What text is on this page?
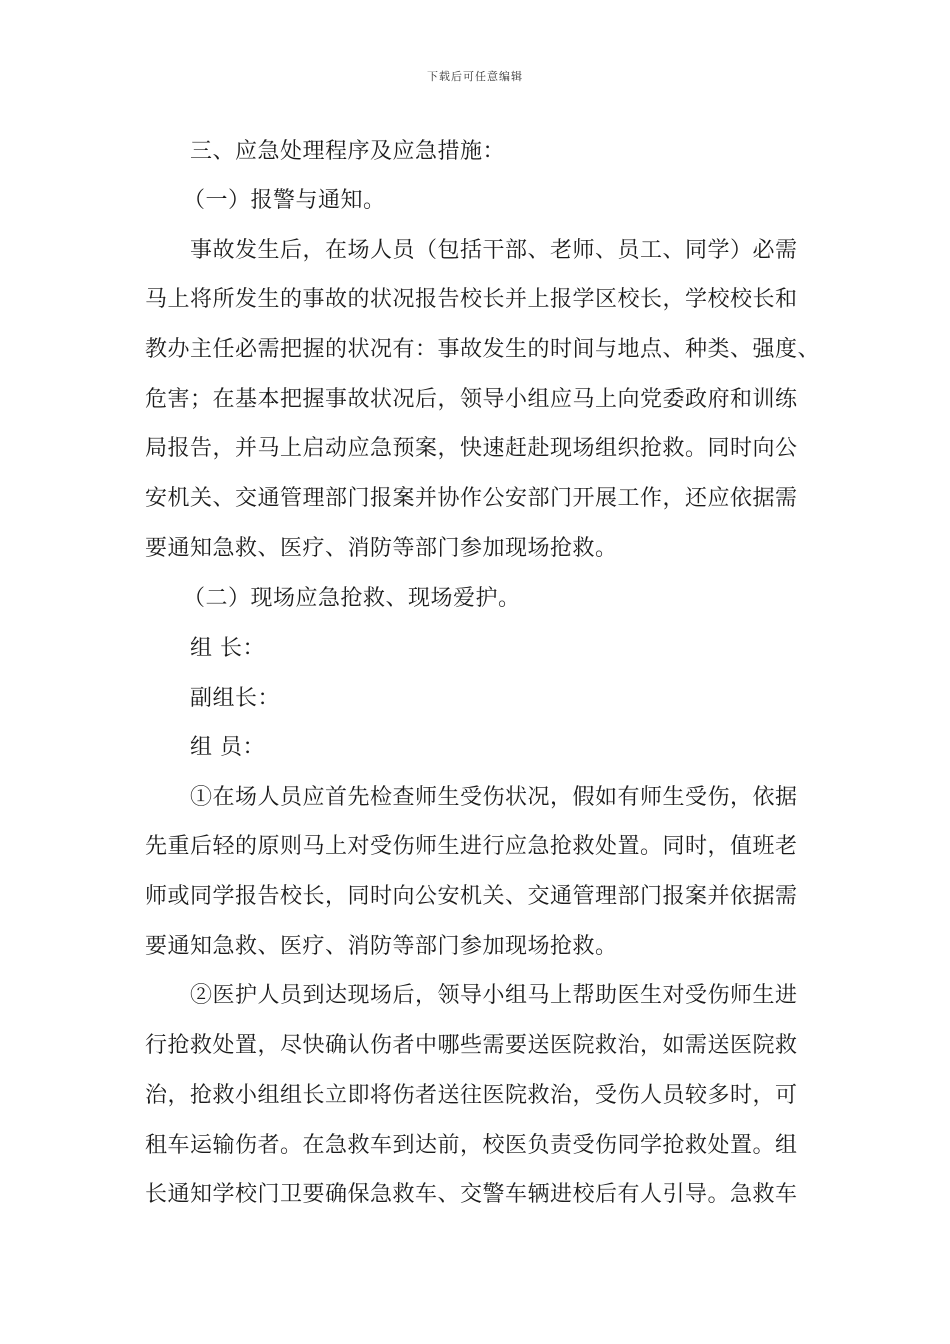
下载后可任意编辑
三、应急处理程序及应急措施：
（一）报警与通知。
事故发生后，在场人员（包括干部、老师、员工、同学）必需
马上将所发生的事故的状况报告校长并上报学区校长，学校校长和
教办主任必需把握的状况有：事故发生的时间与地点、种类、强度、
危害；在基本把握事故状况后，领导小组应马上向党委政府和训练
局报告，并马上启动应急预案，快速赶赴现场组织抢救。同时向公
安机关、交通管理部门报案并协作公安部门开展工作，还应依据需
要通知急救、医疗、消防等部门参加现场抢救。
（二）现场应急抢救、现场爱护。
组 长：
副组长：
组 员：
①在场人员应首先检查师生受伤状况，假如有师生受伤，依据
先重后轻的原则马上对受伤师生进行应急抢救处置。同时，值班老
师或同学报告校长，同时向公安机关、交通管理部门报案并依据需
要通知急救、医疗、消防等部门参加现场抢救。
②医护人员到达现场后，领导小组马上帮助医生对受伤师生进
行抢救处置，尽快确认伤者中哪些需要送医院救治，如需送医院救
治，抢救小组组长立即将伤者送往医院救治，受伤人员较多时，可
租车运输伤者。在急救车到达前，校医负责受伤同学抢救处置。组
长通知学校门卫要确保急救车、交警车辆进校后有人引导。急救车
